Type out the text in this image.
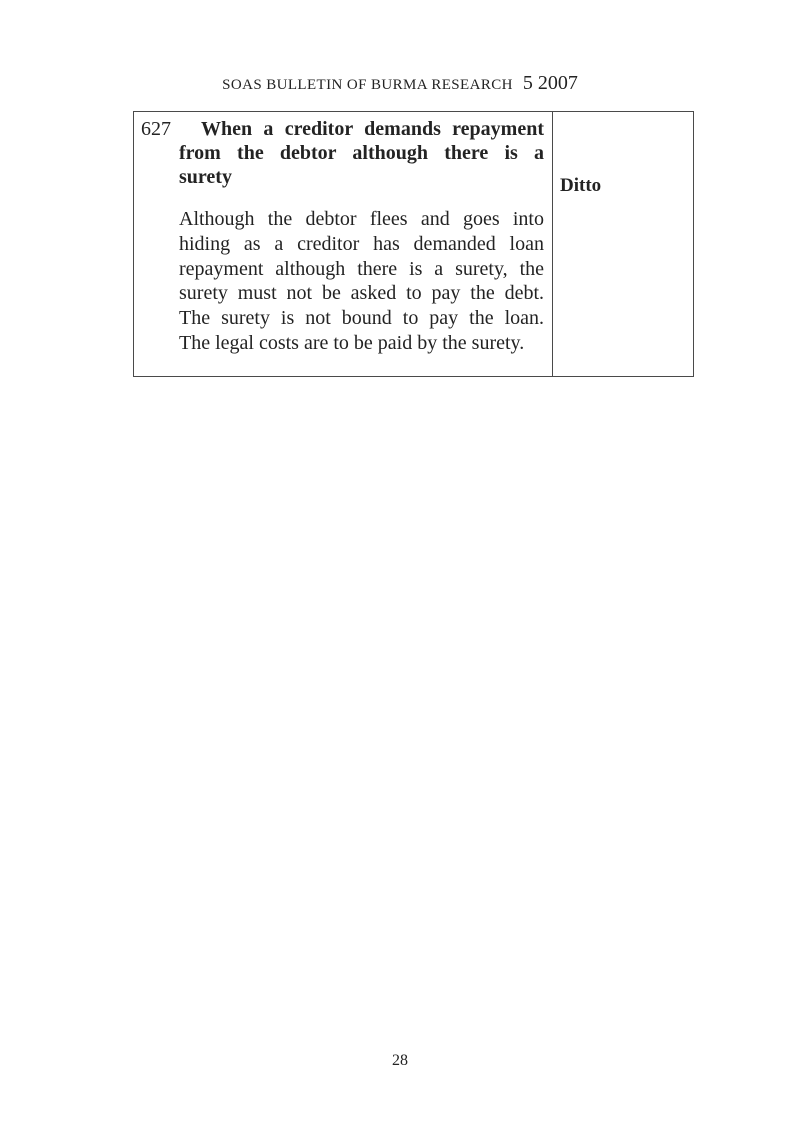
SOAS BULLETIN OF BURMA RESEARCH 5 2007
627	When a creditor demands repayment
from the debtor although there is a
surety
Although the debtor flees and goes into
hiding as a creditor has demanded loan
repayment although there is a surety, the
surety must not be asked to pay the debt.
The surety is not bound to pay the loan.
The legal costs are to be paid by the surety.
Ditto
28
